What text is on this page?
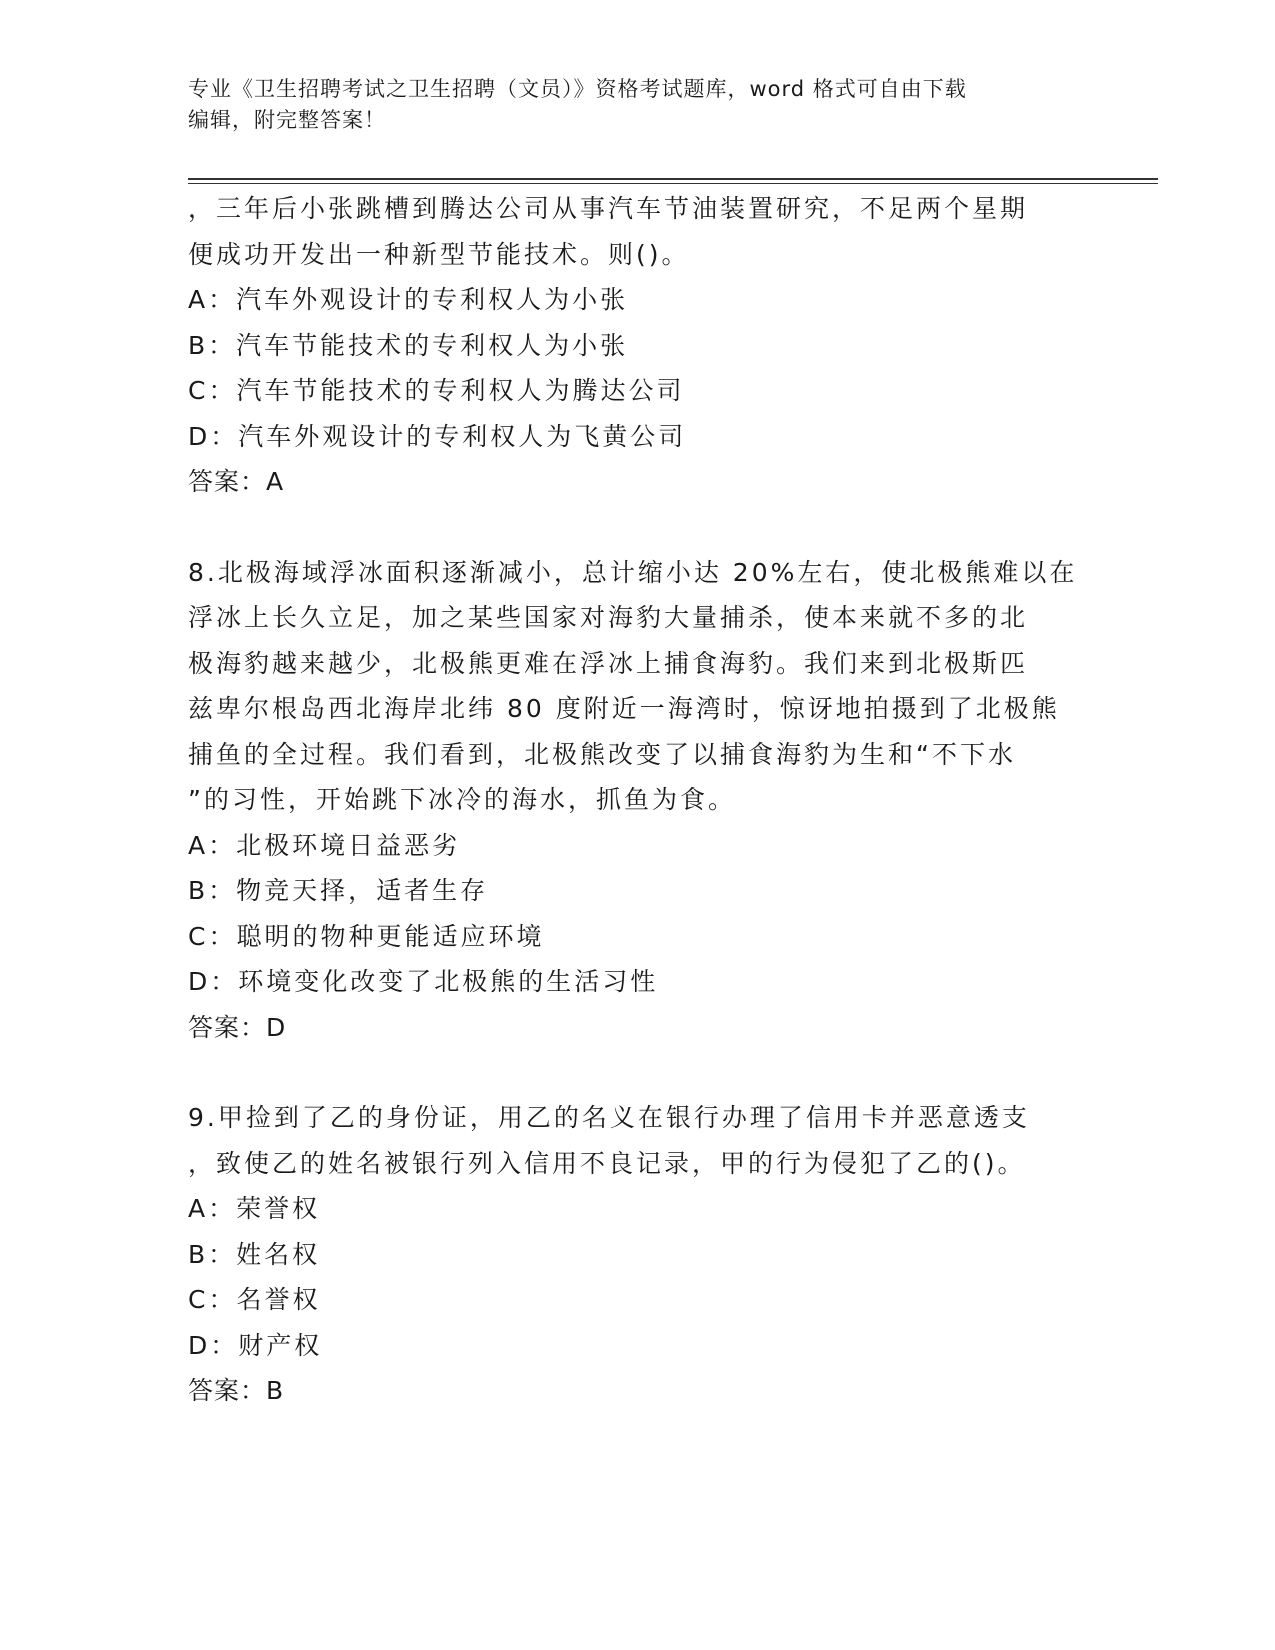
专业《卫生招聘考试之卫生招聘（文员）》资格考试题库，word 格式可自由下载
编辑，附完整答案！
，三年后小张跳槽到腾达公司从事汽车节油装置研究，不足两个星期
便成功开发出一种新型节能技术。则()。
A：汽车外观设计的专利权人为小张
B：汽车节能技术的专利权人为小张
C：汽车节能技术的专利权人为腾达公司
D：汽车外观设计的专利权人为飞黄公司
答案：A
8.北极海域浮冰面积逐渐减小，总计缩小达 20%左右，使北极熊难以在
浮冰上长久立足，加之某些国家对海豹大量捕杀，使本来就不多的北
极海豹越来越少，北极熊更难在浮冰上捕食海豹。我们来到北极斯匹
兹卑尔根岛西北海岸北纬 80 度附近一海湾时，惊讶地拍摄到了北极熊
捕鱼的全过程。我们看到，北极熊改变了以捕食海豹为生和“不下水
”的习性，开始跳下冰冷的海水，抓鱼为食。
A：北极环境日益恶劣
B：物竞天择，适者生存
C：聪明的物种更能适应环境
D：环境变化改变了北极熊的生活习性
答案：D
9.甲捡到了乙的身份证，用乙的名义在银行办理了信用卡并恶意透支
，致使乙的姓名被银行列入信用不良记录，甲的行为侵犯了乙的()。
A：荣誉权
B：姓名权
C：名誉权
D：财产权
答案：B
